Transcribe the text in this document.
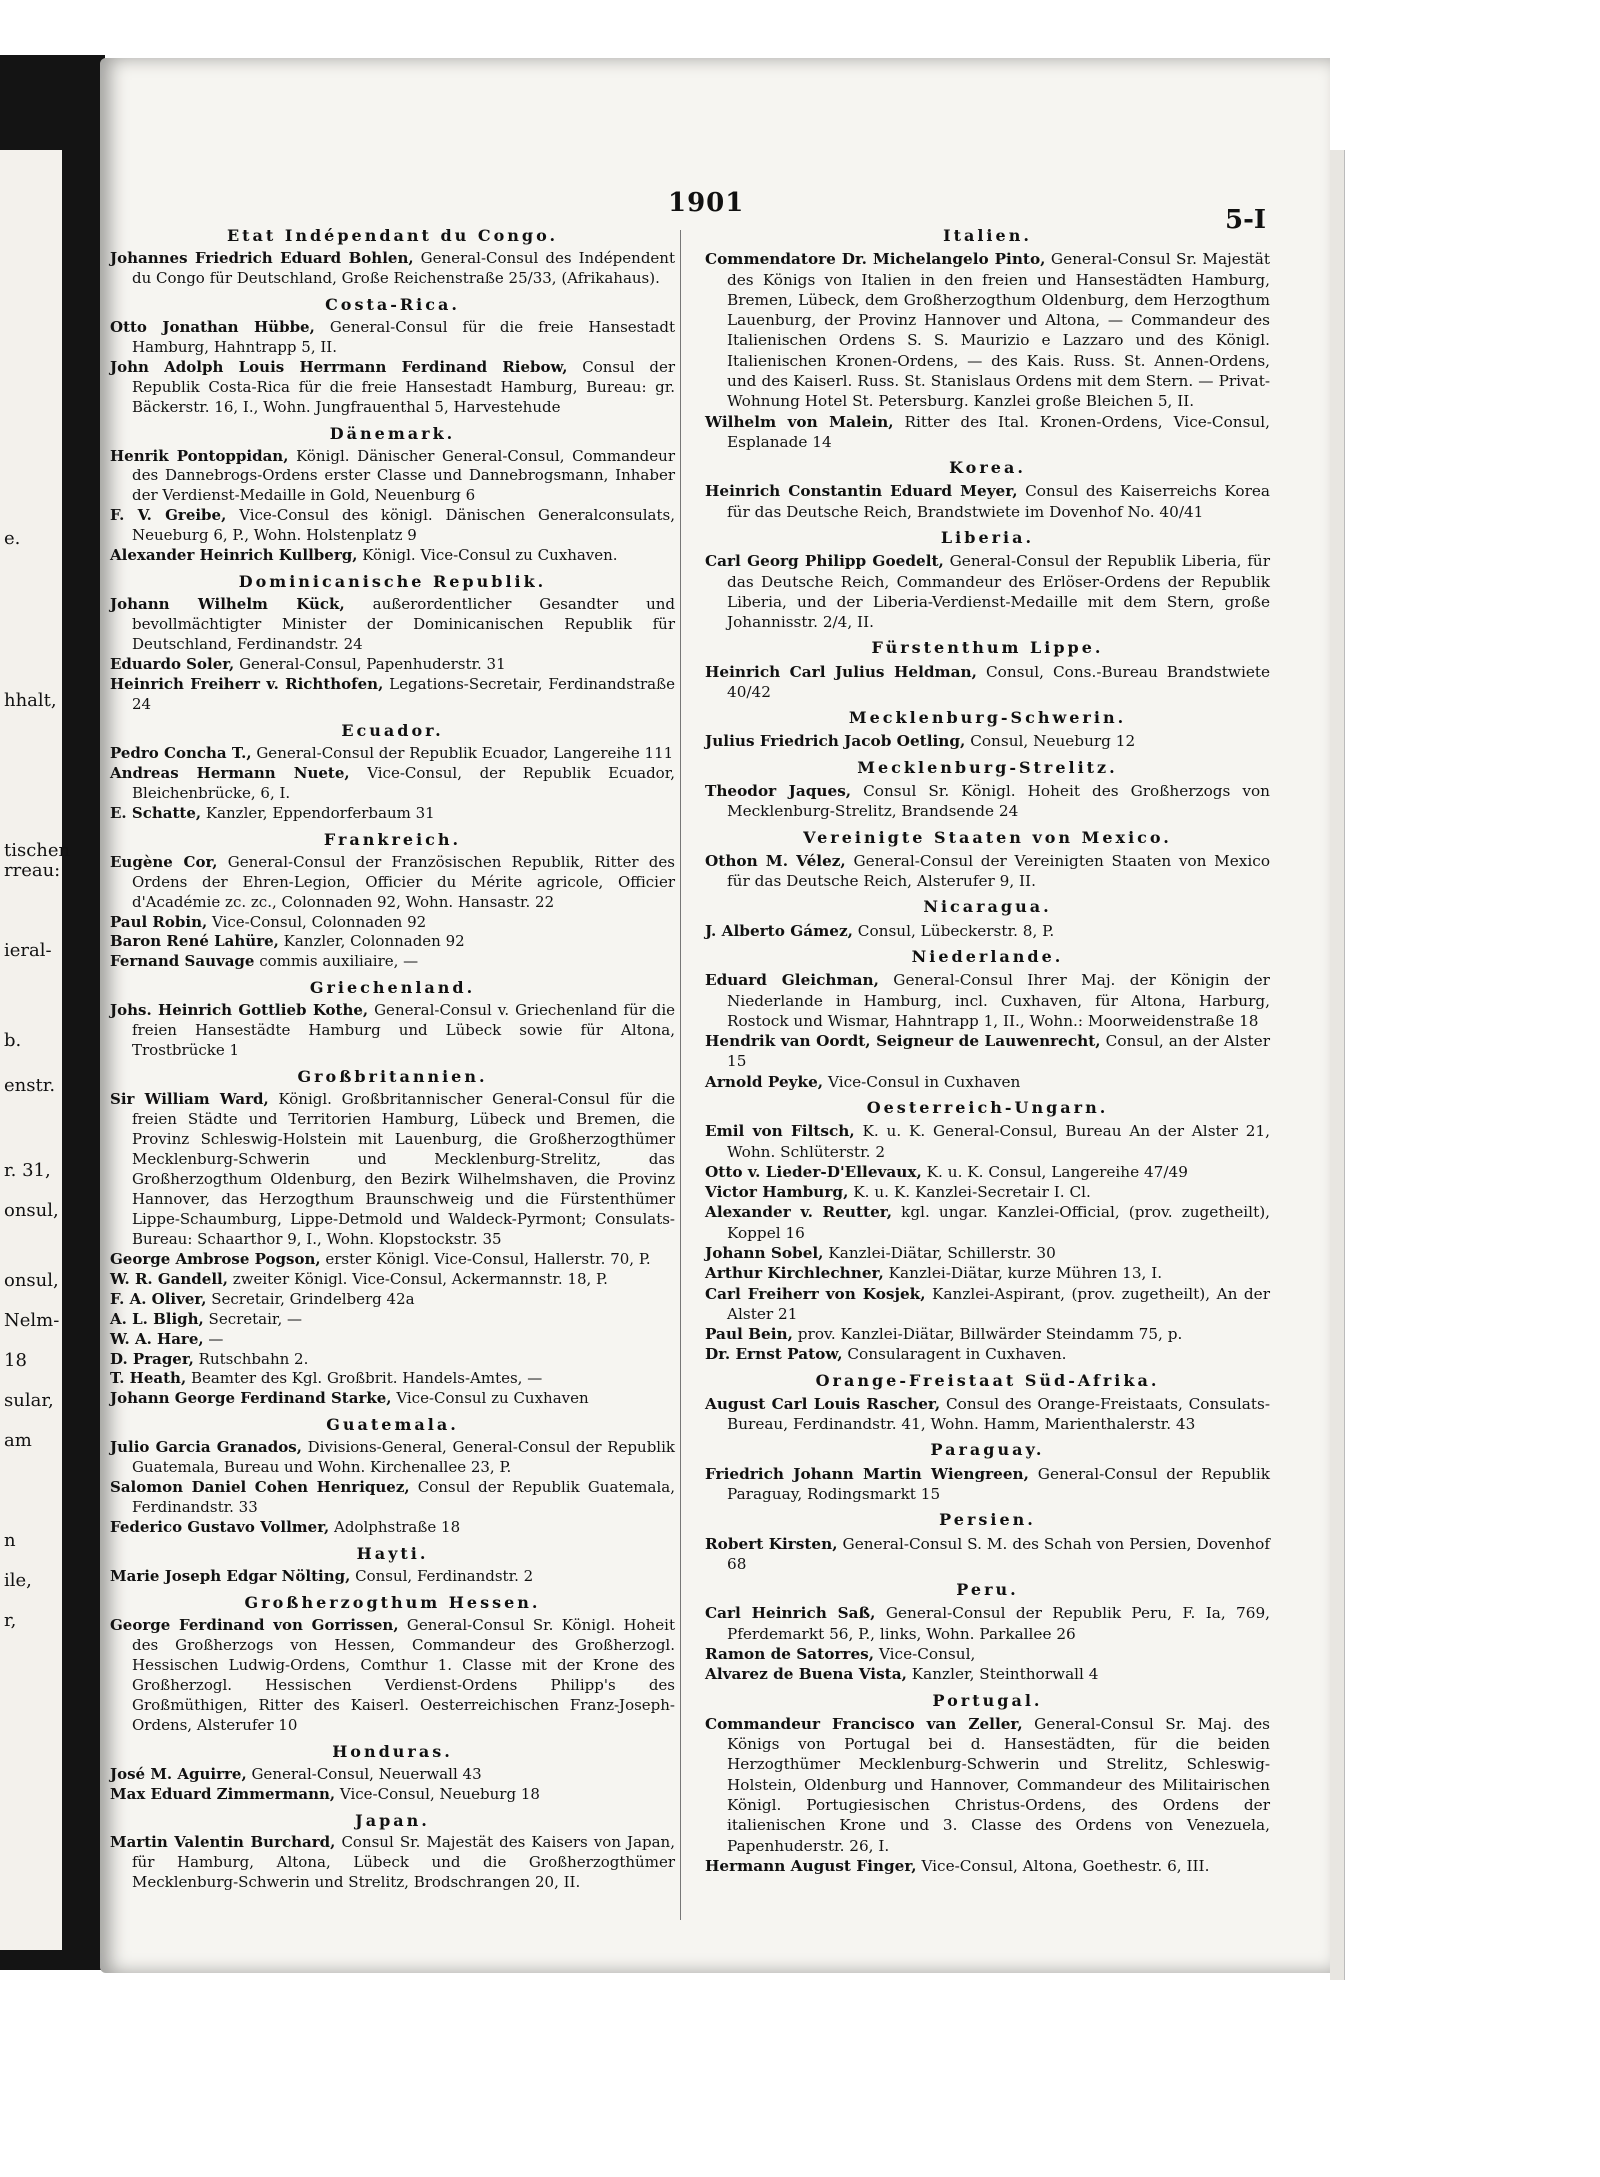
e.
hhalt,
tischen
rreau:
ieral-
b.
enstr.
r. 31,
onsul,
onsul,
Nelm-
18
sular,
am
n
ile,
r,
1901
5-I
Etat Indépendant du Congo.
Johannes Friedrich Eduard Bohlen, General-Consul des Indépendent du Congo für Deutschland, Große Reichenstraße 25/33, (Afrikahaus).
Costa-Rica.
Otto Jonathan Hübbe, General-Consul für die freie Hansestadt Hamburg, Hahntrapp 5, II.
John Adolph Louis Herrmann Ferdinand Riebow, Consul der Republik Costa-Rica für die freie Hansestadt Hamburg, Bureau: gr. Bäckerstr. 16, I., Wohn. Jungfrauenthal 5, Harvestehude
Dänemark.
Henrik Pontoppidan, Königl. Dänischer General-Consul, Commandeur des Dannebrogs-Ordens erster Classe und Dannebrogsmann, Inhaber der Verdienst-Medaille in Gold, Neuenburg 6
F. V. Greibe, Vice-Consul des königl. Dänischen Generalconsulats, Neueburg 6, P., Wohn. Holstenplatz 9
Alexander Heinrich Kullberg, Königl. Vice-Consul zu Cuxhaven.
Dominicanische Republik.
Johann Wilhelm Kück, außerordentlicher Gesandter und bevollmächtigter Minister der Dominicanischen Republik für Deutschland, Ferdinandstr. 24
Eduardo Soler, General-Consul, Papenhuderstr. 31
Heinrich Freiherr v. Richthofen, Legations-Secretair, Ferdinandstraße 24
Ecuador.
Pedro Concha T., General-Consul der Republik Ecuador, Langereihe 111
Andreas Hermann Nuete, Vice-Consul, der Republik Ecuador, Bleichenbrücke, 6, I.
E. Schatte, Kanzler, Eppendorferbaum 31
Frankreich.
Eugène Cor, General-Consul der Französischen Republik, Ritter des Ordens der Ehren-Legion, Officier du Mérite agricole, Officier d'Académie zc. zc., Colonnaden 92, Wohn. Hansastr. 22
Paul Robin, Vice-Consul, Colonnaden 92
Baron René Lahüre, Kanzler, Colonnaden 92
Fernand Sauvage commis auxiliaire, —
Griechenland.
Johs. Heinrich Gottlieb Kothe, General-Consul v. Griechenland für die freien Hansestädte Hamburg und Lübeck sowie für Altona, Trostbrücke 1
Großbritannien.
Sir William Ward, Königl. Großbritannischer General-Consul für die freien Städte und Territorien Hamburg, Lübeck und Bremen, die Provinz Schleswig-Holstein mit Lauenburg, die Großherzogthümer Mecklenburg-Schwerin und Mecklenburg-Strelitz, das Großherzogthum Oldenburg, den Bezirk Wilhelmshaven, die Provinz Hannover, das Herzogthum Braunschweig und die Fürstenthümer Lippe-Schaumburg, Lippe-Detmold und Waldeck-Pyrmont; Consulats-Bureau: Schaarthor 9, I., Wohn. Klopstockstr. 35
George Ambrose Pogson, erster Königl. Vice-Consul, Hallerstr. 70, P.
W. R. Gandell, zweiter Königl. Vice-Consul, Ackermannstr. 18, P.
F. A. Oliver, Secretair, Grindelberg 42a
A. L. Bligh, Secretair, —
W. A. Hare, —
D. Prager, Rutschbahn 2.
T. Heath, Beamter des Kgl. Großbrit. Handels-Amtes, —
Johann George Ferdinand Starke, Vice-Consul zu Cuxhaven
Guatemala.
Julio Garcia Granados, Divisions-General, General-Consul der Republik Guatemala, Bureau und Wohn. Kirchenallee 23, P.
Salomon Daniel Cohen Henriquez, Consul der Republik Guatemala, Ferdinandstr. 33
Federico Gustavo Vollmer, Adolphstraße 18
Hayti.
Marie Joseph Edgar Nölting, Consul, Ferdinandstr. 2
Großherzogthum Hessen.
George Ferdinand von Gorrissen, General-Consul Sr. Königl. Hoheit des Großherzogs von Hessen, Commandeur des Großherzogl. Hessischen Ludwig-Ordens, Comthur 1. Classe mit der Krone des Großherzogl. Hessischen Verdienst-Ordens Philipp's des Großmüthigen, Ritter des Kaiserl. Oesterreichischen Franz-Joseph-Ordens, Alsterufer 10
Honduras.
José M. Aguirre, General-Consul, Neuerwall 43
Max Eduard Zimmermann, Vice-Consul, Neueburg 18
Japan.
Martin Valentin Burchard, Consul Sr. Majestät des Kaisers von Japan, für Hamburg, Altona, Lübeck und die Großherzogthümer Mecklenburg-Schwerin und Strelitz, Brodschrangen 20, II.
Italien.
Commendatore Dr. Michelangelo Pinto, General-Consul Sr. Majestät des Königs von Italien in den freien und Hansestädten Hamburg, Bremen, Lübeck, dem Großherzogthum Oldenburg, dem Herzogthum Lauenburg, der Provinz Hannover und Altona, — Commandeur des Italienischen Ordens S. S. Maurizio e Lazzaro und des Königl. Italienischen Kronen-Ordens, — des Kais. Russ. St. Annen-Ordens, und des Kaiserl. Russ. St. Stanislaus Ordens mit dem Stern. — Privat-Wohnung Hotel St. Petersburg. Kanzlei große Bleichen 5, II.
Wilhelm von Malein, Ritter des Ital. Kronen-Ordens, Vice-Consul, Esplanade 14
Korea.
Heinrich Constantin Eduard Meyer, Consul des Kaiserreichs Korea für das Deutsche Reich, Brandstwiete im Dovenhof No. 40/41
Liberia.
Carl Georg Philipp Goedelt, General-Consul der Republik Liberia, für das Deutsche Reich, Commandeur des Erlöser-Ordens der Republik Liberia, und der Liberia-Verdienst-Medaille mit dem Stern, große Johannisstr. 2/4, II.
Fürstenthum Lippe.
Heinrich Carl Julius Heldman, Consul, Cons.-Bureau Brandstwiete 40/42
Mecklenburg-Schwerin.
Julius Friedrich Jacob Oetling, Consul, Neueburg 12
Mecklenburg-Strelitz.
Theodor Jaques, Consul Sr. Königl. Hoheit des Großherzogs von Mecklenburg-Strelitz, Brandsende 24
Vereinigte Staaten von Mexico.
Othon M. Vélez, General-Consul der Vereinigten Staaten von Mexico für das Deutsche Reich, Alsterufer 9, II.
Nicaragua.
J. Alberto Gámez, Consul, Lübeckerstr. 8, P.
Niederlande.
Eduard Gleichman, General-Consul Ihrer Maj. der Königin der Niederlande in Hamburg, incl. Cuxhaven, für Altona, Harburg, Rostock und Wismar, Hahntrapp 1, II., Wohn.: Moorweidenstraße 18
Hendrik van Oordt, Seigneur de Lauwenrecht, Consul, an der Alster 15
Arnold Peyke, Vice-Consul in Cuxhaven
Oesterreich-Ungarn.
Emil von Filtsch, K. u. K. General-Consul, Bureau An der Alster 21, Wohn. Schlüterstr. 2
Otto v. Lieder-D'Ellevaux, K. u. K. Consul, Langereihe 47/49
Victor Hamburg, K. u. K. Kanzlei-Secretair I. Cl.
Alexander v. Reutter, kgl. ungar. Kanzlei-Official, (prov. zugetheilt), Koppel 16
Johann Sobel, Kanzlei-Diätar, Schillerstr. 30
Arthur Kirchlechner, Kanzlei-Diätar, kurze Mühren 13, I.
Carl Freiherr von Kosjek, Kanzlei-Aspirant, (prov. zugetheilt), An der Alster 21
Paul Bein, prov. Kanzlei-Diätar, Billwärder Steindamm 75, p.
Dr. Ernst Patow, Consularagent in Cuxhaven.
Orange-Freistaat Süd-Afrika.
August Carl Louis Rascher, Consul des Orange-Freistaats, Consulats-Bureau, Ferdinandstr. 41, Wohn. Hamm, Marienthalerstr. 43
Paraguay.
Friedrich Johann Martin Wiengreen, General-Consul der Republik Paraguay, Rodingsmarkt 15
Persien.
Robert Kirsten, General-Consul S. M. des Schah von Persien, Dovenhof 68
Peru.
Carl Heinrich Saß, General-Consul der Republik Peru, F. Ia, 769, Pferdemarkt 56, P., links, Wohn. Parkallee 26
Ramon de Satorres, Vice-Consul,
Alvarez de Buena Vista, Kanzler, Steinthorwall 4
Portugal.
Commandeur Francisco van Zeller, General-Consul Sr. Maj. des Königs von Portugal bei d. Hansestädten, für die beiden Herzogthümer Mecklenburg-Schwerin und Strelitz, Schleswig-Holstein, Oldenburg und Hannover, Commandeur des Militairischen Königl. Portugiesischen Christus-Ordens, des Ordens der italienischen Krone und 3. Classe des Ordens von Venezuela, Papenhuderstr. 26, I.
Hermann August Finger, Vice-Consul, Altona, Goethestr. 6, III.
